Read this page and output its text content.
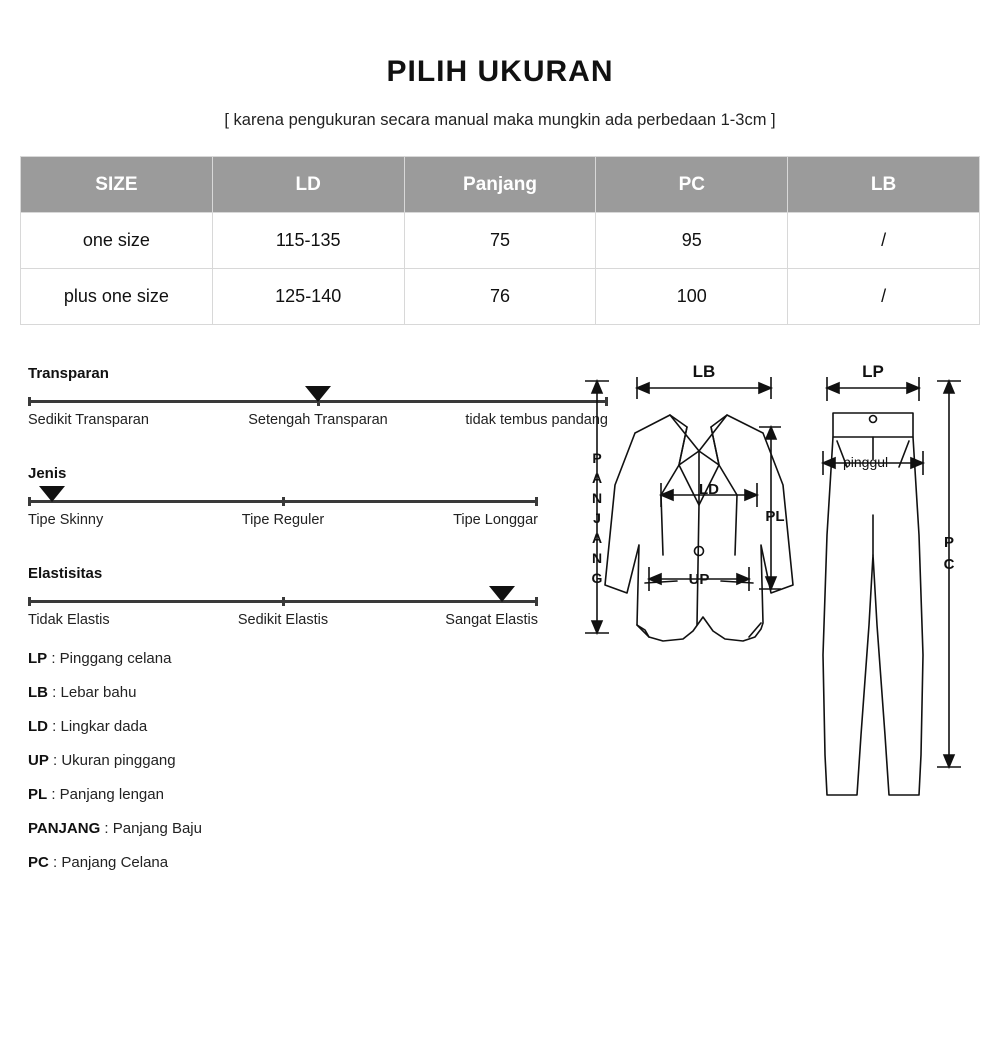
PILIH UKURAN
[ karena pengukuran secara manual maka mungkin ada perbedaan 1-3cm ]
SIZE	LD	Panjang	PC	LB
one size	115-135	75	95	/
plus one size	125-140	76	100	/
Transparan
Sedikit Transparan	Setengah Transparan	tidak tembus pandang
Jenis
Tipe Skinny	Tipe Reguler	Tipe Longgar
Elastisitas
Tidak Elastis	Sedikit Elastis	Sangat Elastis
LP : Pinggang celana
LB : Lebar bahu
LD : Lingkar dada
UP : Ukuran pinggang
PL : Panjang lengan
PANJANG : Panjang Baju
PC : Panjang Celana
LB	LP
LD
UP
PL
pinggul
P
A
N
J
A
N
G
P
C
